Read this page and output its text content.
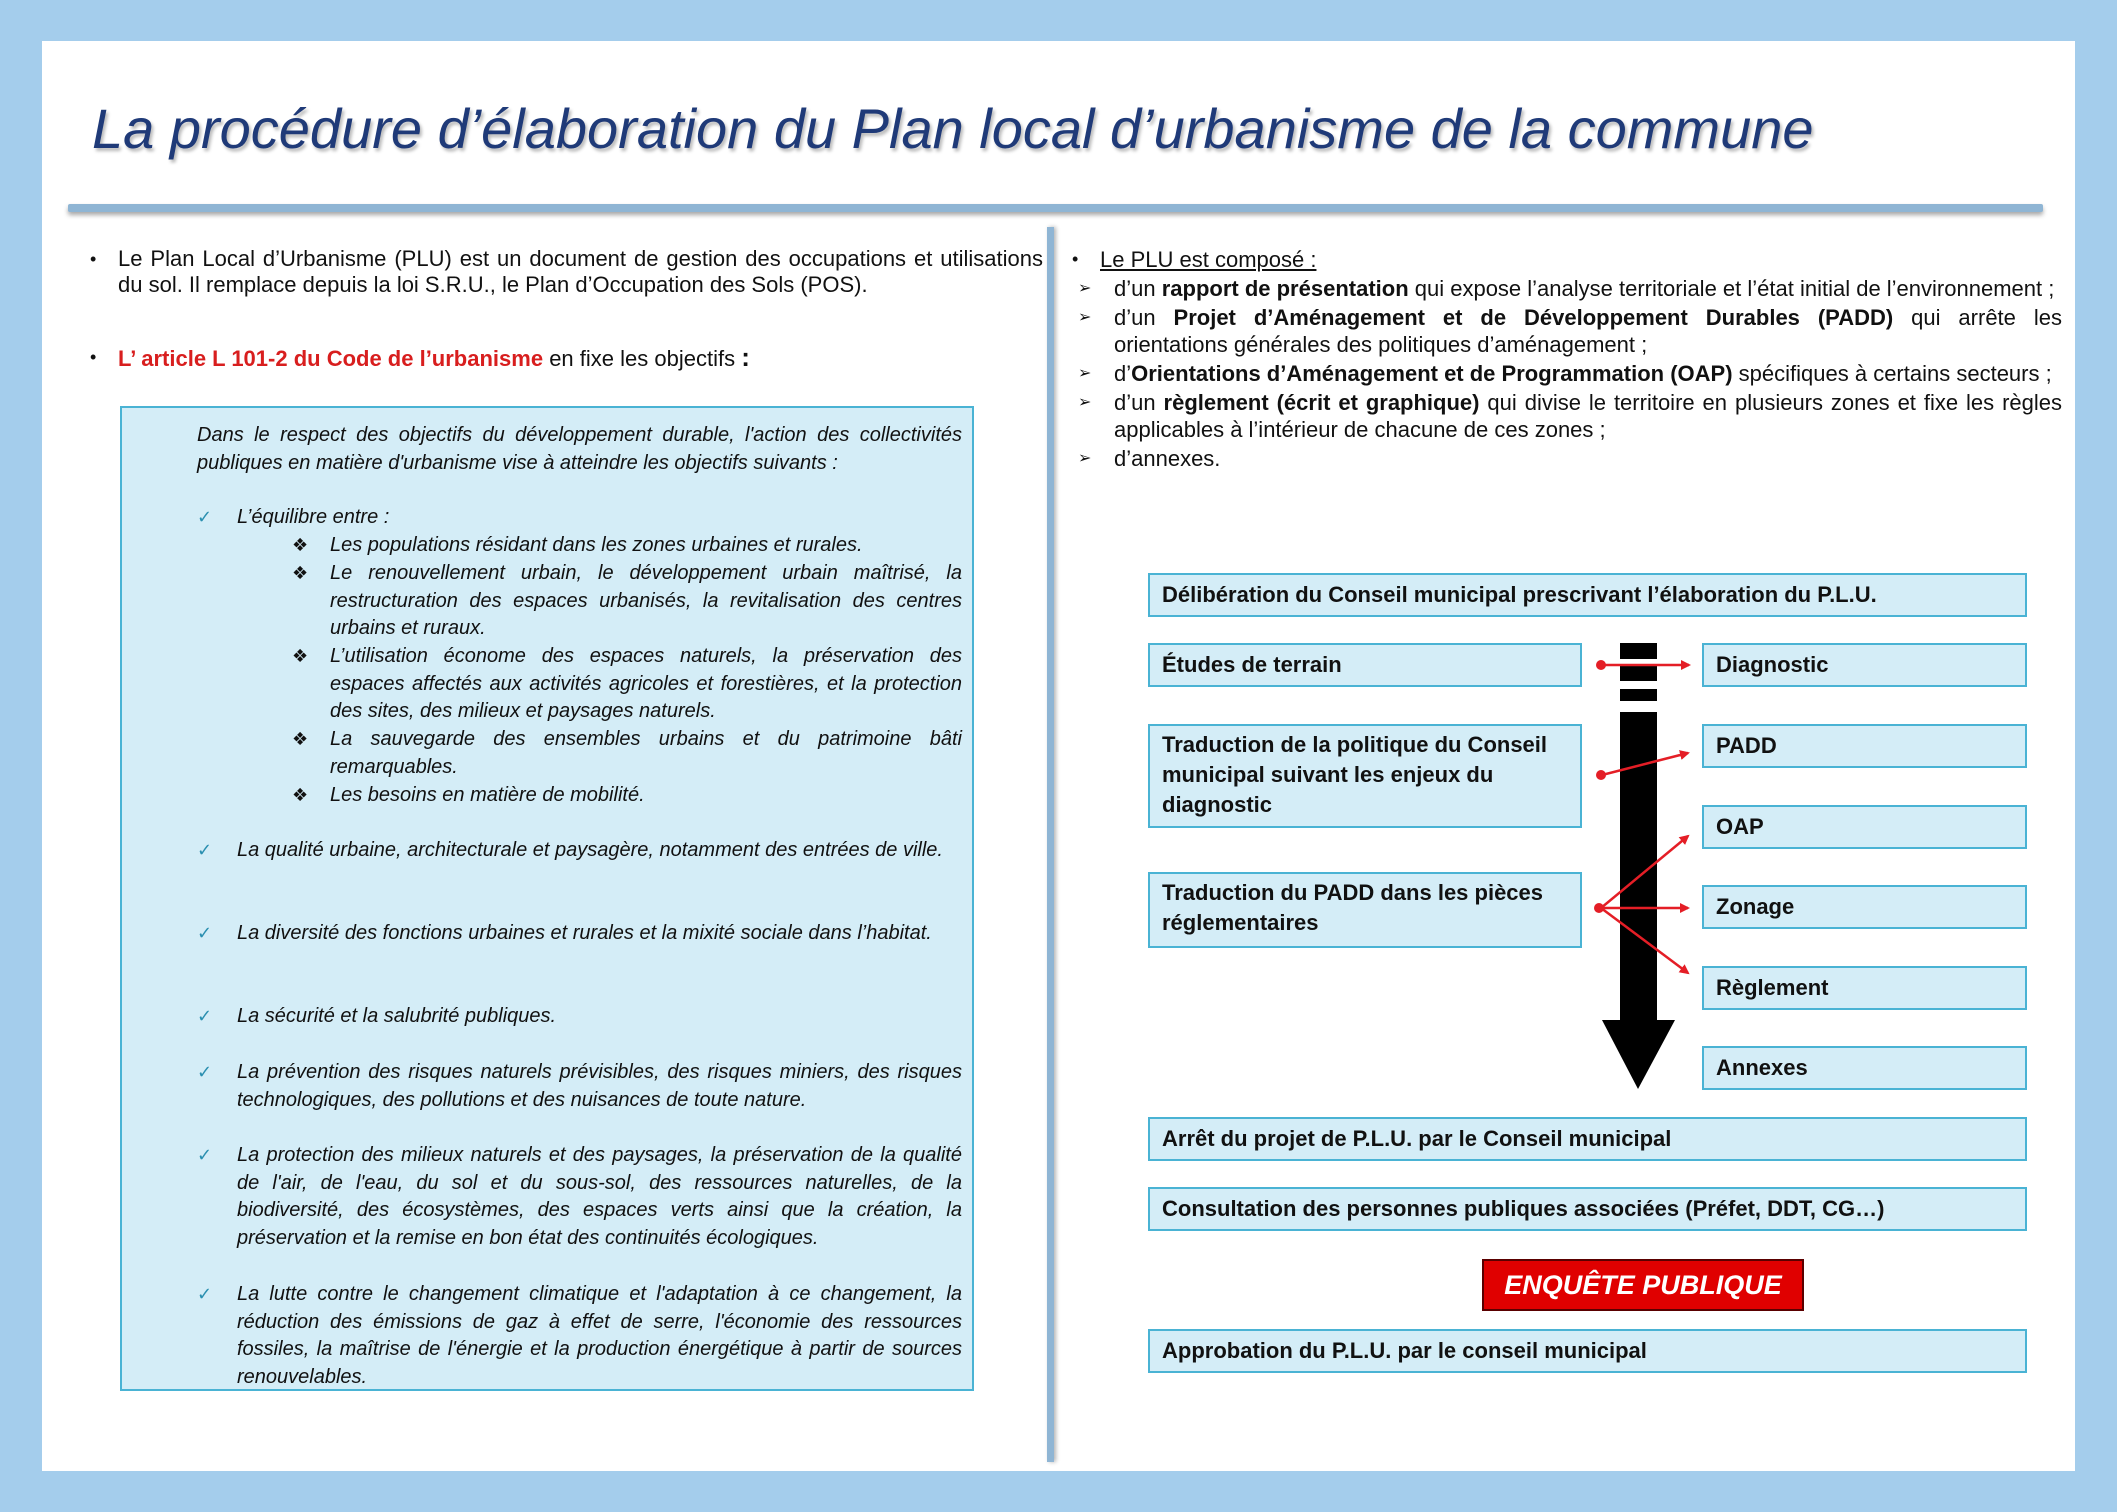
La procédure d’élaboration du Plan local d’urbanisme de la commune
• Le Plan Local d’Urbanisme (PLU) est un document de gestion des occupations et utilisations du sol. Il remplace depuis la loi S.R.U., le Plan d’Occupation des Sols (POS).
• L’ article L 101-2 du Code de l’urbanisme en fixe les objectifs :
Dans le respect des objectifs du développement durable, l'action des collectivités publiques en matière d'urbanisme vise à atteindre les objectifs suivants :
✓	L’équilibre entre :
❖	Les populations résidant dans les zones urbaines et rurales.
❖	Le renouvellement urbain, le développement urbain maîtrisé, la restructuration des espaces urbanisés, la revitalisation des centres urbains et ruraux.
❖	L’utilisation économe des espaces naturels, la préservation des espaces affectés aux activités agricoles et forestières, et la protection des sites, des milieux et paysages naturels.
❖	La sauvegarde des ensembles urbains et du patrimoine bâti remarquables.
❖	Les besoins en matière de mobilité.
✓	La qualité urbaine, architecturale et paysagère, notamment des entrées de ville.
✓	La diversité des fonctions urbaines et rurales et la mixité sociale dans l’habitat.
✓	La sécurité et la salubrité publiques.
✓	La prévention des risques naturels prévisibles, des risques miniers, des risques technologiques, des pollutions et des nuisances de toute nature.
✓	La protection des milieux naturels et des paysages, la préservation de la qualité de l'air, de l'eau, du sol et du sous-sol, des ressources naturelles, de la biodiversité, des écosystèmes, des espaces verts ainsi que la création, la préservation et la remise en bon état des continuités écologiques.
✓	La lutte contre le changement climatique et l'adaptation à ce changement, la réduction des émissions de gaz à effet de serre, l'économie des ressources fossiles, la maîtrise de l'énergie et la production énergétique à partir de sources renouvelables.
• Le PLU est composé :
➢	d’un rapport de présentation qui expose l’analyse territoriale et l’état initial de l’environnement ;
➢	d’un Projet d’Aménagement et de Développement Durables (PADD) qui arrête les orientations générales des politiques d’aménagement ;
➢	d’Orientations d’Aménagement et de Programmation (OAP) spécifiques à certains secteurs ;
➢	d’un règlement (écrit et graphique) qui divise le territoire en plusieurs zones et fixe les règles applicables à l’intérieur de chacune de ces zones ;
➢	d’annexes.
Délibération du Conseil municipal prescrivant l’élaboration du P.L.U.
Études de terrain
Traduction de la politique du Conseil municipal suivant les enjeux du diagnostic
Traduction du PADD dans les pièces réglementaires
Diagnostic
PADD
OAP
Zonage
Règlement
Annexes
Arrêt du projet de P.L.U. par le Conseil municipal
Consultation des personnes publiques associées (Préfet, DDT, CG…)
ENQUÊTE PUBLIQUE
Approbation du P.L.U. par le conseil municipal
